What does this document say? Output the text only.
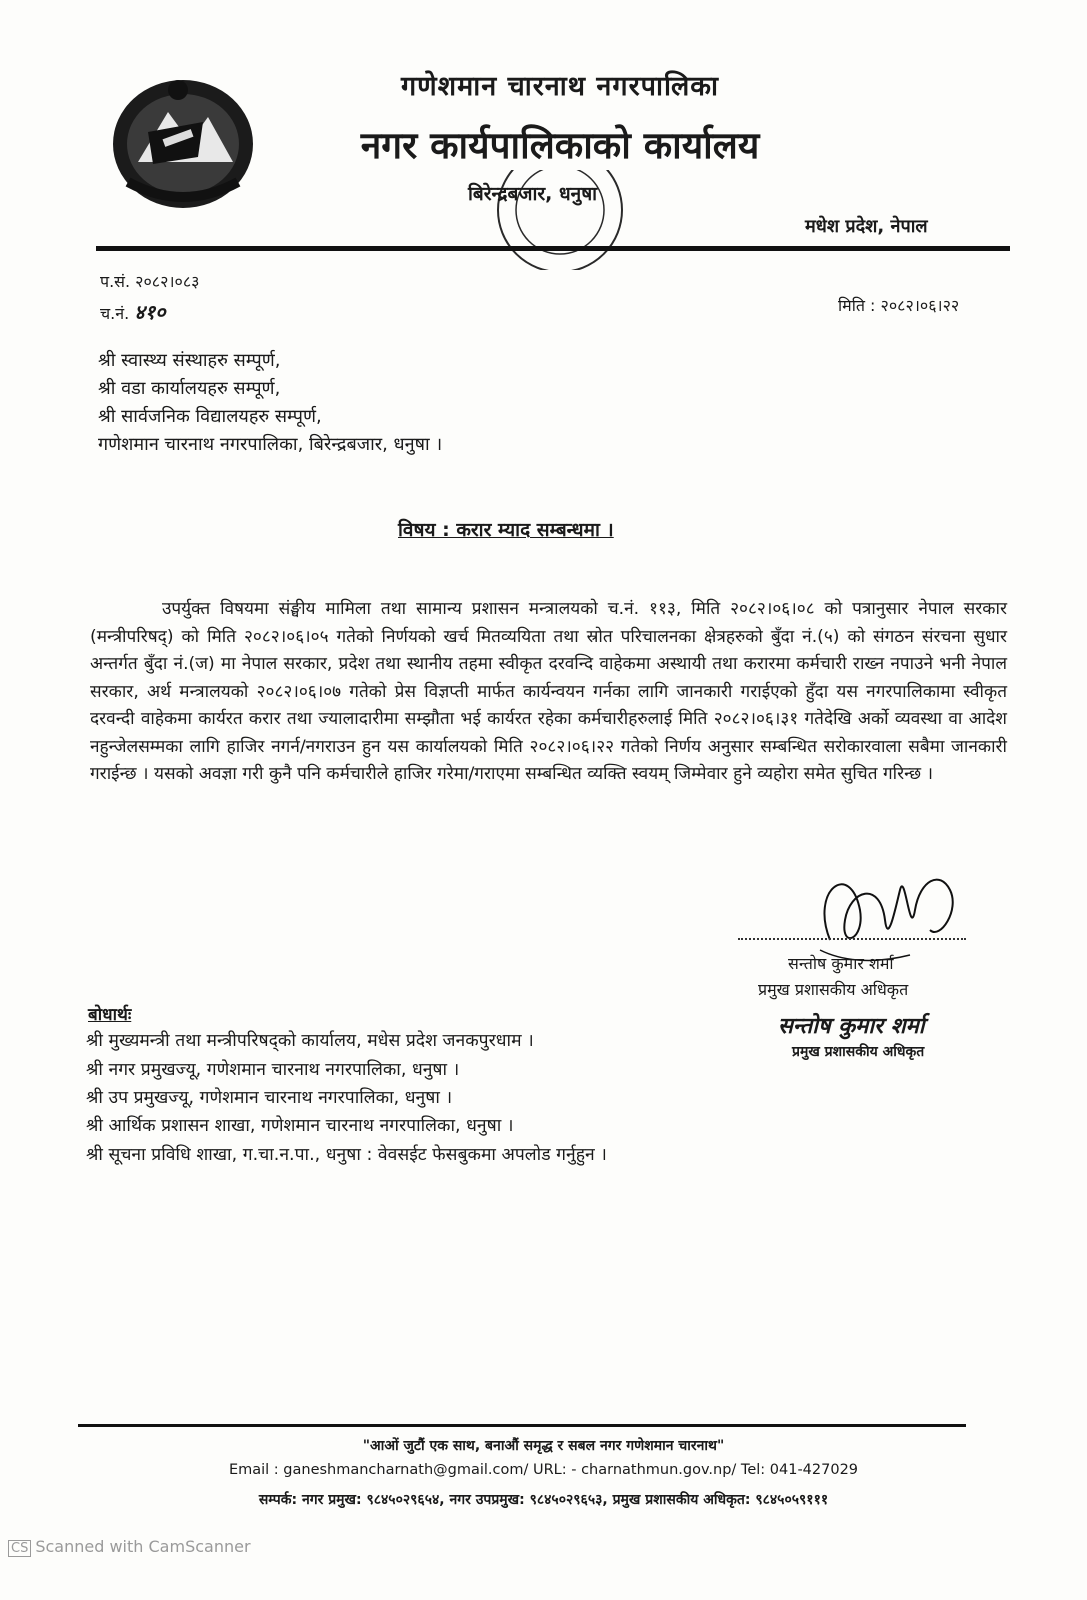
गणेशमान चारनाथ नगरपालिका
नगर कार्यपालिकाको कार्यालय
बिरेन्द्रबजार, धनुषा
मधेश प्रदेश, नेपाल
प.सं. २०८२।०८३
च.नं. ४१०	मिति : २०८२।०६।२२
श्री स्वास्थ्य संस्थाहरु सम्पूर्ण,
श्री वडा कार्यालयहरु सम्पूर्ण,
श्री सार्वजनिक विद्यालयहरु सम्पूर्ण,
गणेशमान चारनाथ नगरपालिका, बिरेन्द्रबजार, धनुषा ।
विषय : करार म्याद सम्बन्धमा ।
उपर्युक्त विषयमा संङ्घीय मामिला तथा सामान्य प्रशासन मन्त्रालयको च.नं. ११३, मिति २०८२।०६।०८ को पत्रानुसार नेपाल सरकार (मन्त्रीपरिषद्) को मिति २०८२।०६।०५ गतेको निर्णयको खर्च मितव्ययिता तथा स्रोत परिचालनका क्षेत्रहरुको बुँदा नं.(५) को संगठन संरचना सुधार अन्तर्गत बुँदा नं.(ज) मा नेपाल सरकार, प्रदेश तथा स्थानीय तहमा स्वीकृत दरवन्दि वाहेकमा अस्थायी तथा करारमा कर्मचारी राख्न नपाउने भनी नेपाल सरकार, अर्थ मन्त्रालयको २०८२।०६।०७ गतेको प्रेस विज्ञप्ती मार्फत कार्यन्वयन गर्नका लागि जानकारी गराईएको हुँदा यस नगरपालिकामा स्वीकृत दरवन्दी वाहेकमा कार्यरत करार तथा ज्यालादारीमा सम्झौता भई कार्यरत रहेका कर्मचारीहरुलाई मिति २०८२।०६।३१ गतेदेखि अर्को व्यवस्था वा आदेश नहुन्जेलसम्मका लागि हाजिर नगर्न/नगराउन हुन यस कार्यालयको मिति २०८२।०६।२२ गतेको निर्णय अनुसार सम्बन्धित सरोकारवाला सबैमा जानकारी गराईन्छ । यसको अवज्ञा गरी कुनै पनि कर्मचारीले हाजिर गरेमा/गराएमा सम्बन्धित व्यक्ति स्वयम् जिम्मेवार हुने व्यहोरा समेत सुचित गरिन्छ ।
सन्तोष कुमार शर्मा
प्रमुख प्रशासकीय अधिकृत
सन्तोष कुमार शर्मा
प्रमुख प्रशासकीय अधिकृत
बोधार्थः
श्री मुख्यमन्त्री तथा मन्त्रीपरिषद्को कार्यालय, मधेस प्रदेश जनकपुरधाम ।
श्री नगर प्रमुखज्यू, गणेशमान चारनाथ नगरपालिका, धनुषा ।
श्री उप प्रमुखज्यू, गणेशमान चारनाथ नगरपालिका, धनुषा ।
श्री आर्थिक प्रशासन शाखा, गणेशमान चारनाथ नगरपालिका, धनुषा ।
श्री सूचना प्रविधि शाखा, ग.चा.न.पा., धनुषा : वेवसईट फेसबुकमा अपलोड गर्नुहुन ।
"आओं जुटौं एक साथ, बनाऔं समृद्ध र सबल नगर गणेशमान चारनाथ"
Email : ganeshmancharnath@gmail.com/ URL: - charnathmun.gov.np/ Tel: 041-427029
सम्पर्क: नगर प्रमुख: ९८४५०२९६५४, नगर उपप्रमुख: ९८४५०२९६५३, प्रमुख प्रशासकीय अधिकृत: ९८४५०५९१११
CS Scanned with CamScanner
